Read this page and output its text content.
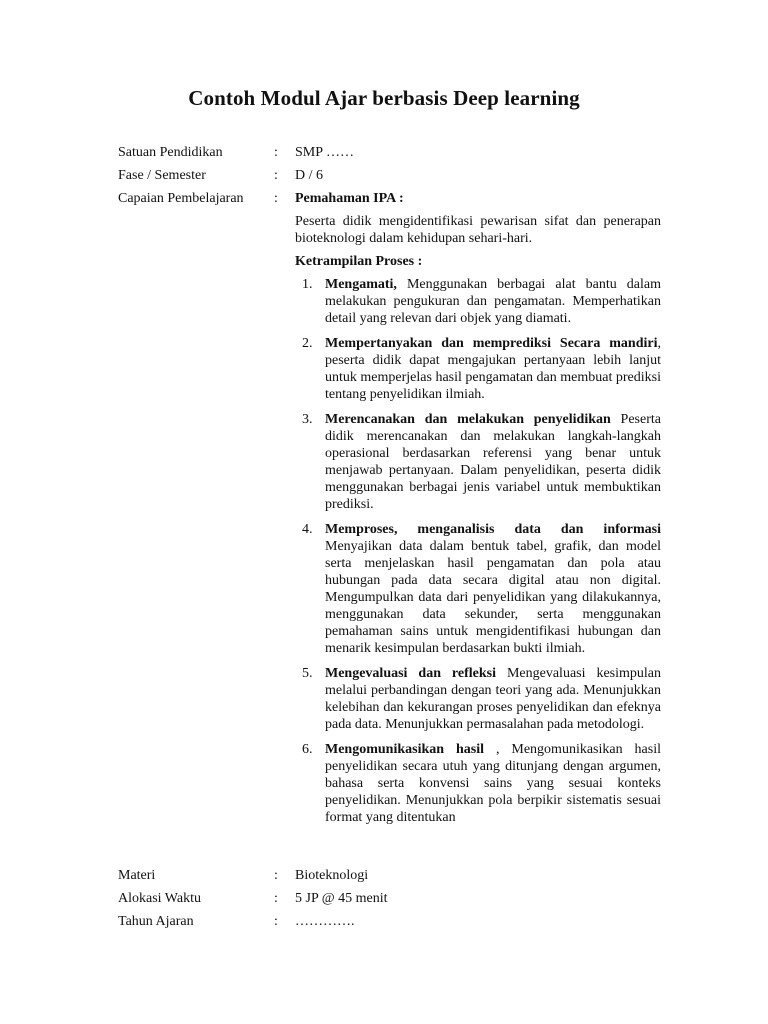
Contoh Modul Ajar berbasis Deep learning
Satuan Pendidikan	: SMP ……
Fase / Semester	: D / 6
Capaian Pembelajaran	: Pemahaman IPA :
Peserta didik mengidentifikasi pewarisan sifat dan penerapan bioteknologi dalam kehidupan sehari-hari.
Ketrampilan Proses :
1. Mengamati, Menggunakan berbagai alat bantu dalam melakukan pengukuran dan pengamatan. Memperhatikan detail yang relevan dari objek yang diamati.
2. Mempertanyakan dan memprediksi Secara mandiri, peserta didik dapat mengajukan pertanyaan lebih lanjut untuk memperjelas hasil pengamatan dan membuat prediksi tentang penyelidikan ilmiah.
3. Merencanakan dan melakukan penyelidikan Peserta didik merencanakan dan melakukan langkah-langkah operasional berdasarkan referensi yang benar untuk menjawab pertanyaan. Dalam penyelidikan, peserta didik menggunakan berbagai jenis variabel untuk membuktikan prediksi.
4. Memproses, menganalisis data dan informasi Menyajikan data dalam bentuk tabel, grafik, dan model serta menjelaskan hasil pengamatan dan pola atau hubungan pada data secara digital atau non digital. Mengumpulkan data dari penyelidikan yang dilakukannya, menggunakan data sekunder, serta menggunakan pemahaman sains untuk mengidentifikasi hubungan dan menarik kesimpulan berdasarkan bukti ilmiah.
5. Mengevaluasi dan refleksi Mengevaluasi kesimpulan melalui perbandingan dengan teori yang ada. Menunjukkan kelebihan dan kekurangan proses penyelidikan dan efeknya pada data. Menunjukkan permasalahan pada metodologi.
6. Mengomunikasikan hasil , Mengomunikasikan hasil penyelidikan secara utuh yang ditunjang dengan argumen, bahasa serta konvensi sains yang sesuai konteks penyelidikan. Menunjukkan pola berpikir sistematis sesuai format yang ditentukan
Materi	: Bioteknologi
Alokasi Waktu	: 5 JP @ 45 menit
Tahun Ajaran	: ………….
